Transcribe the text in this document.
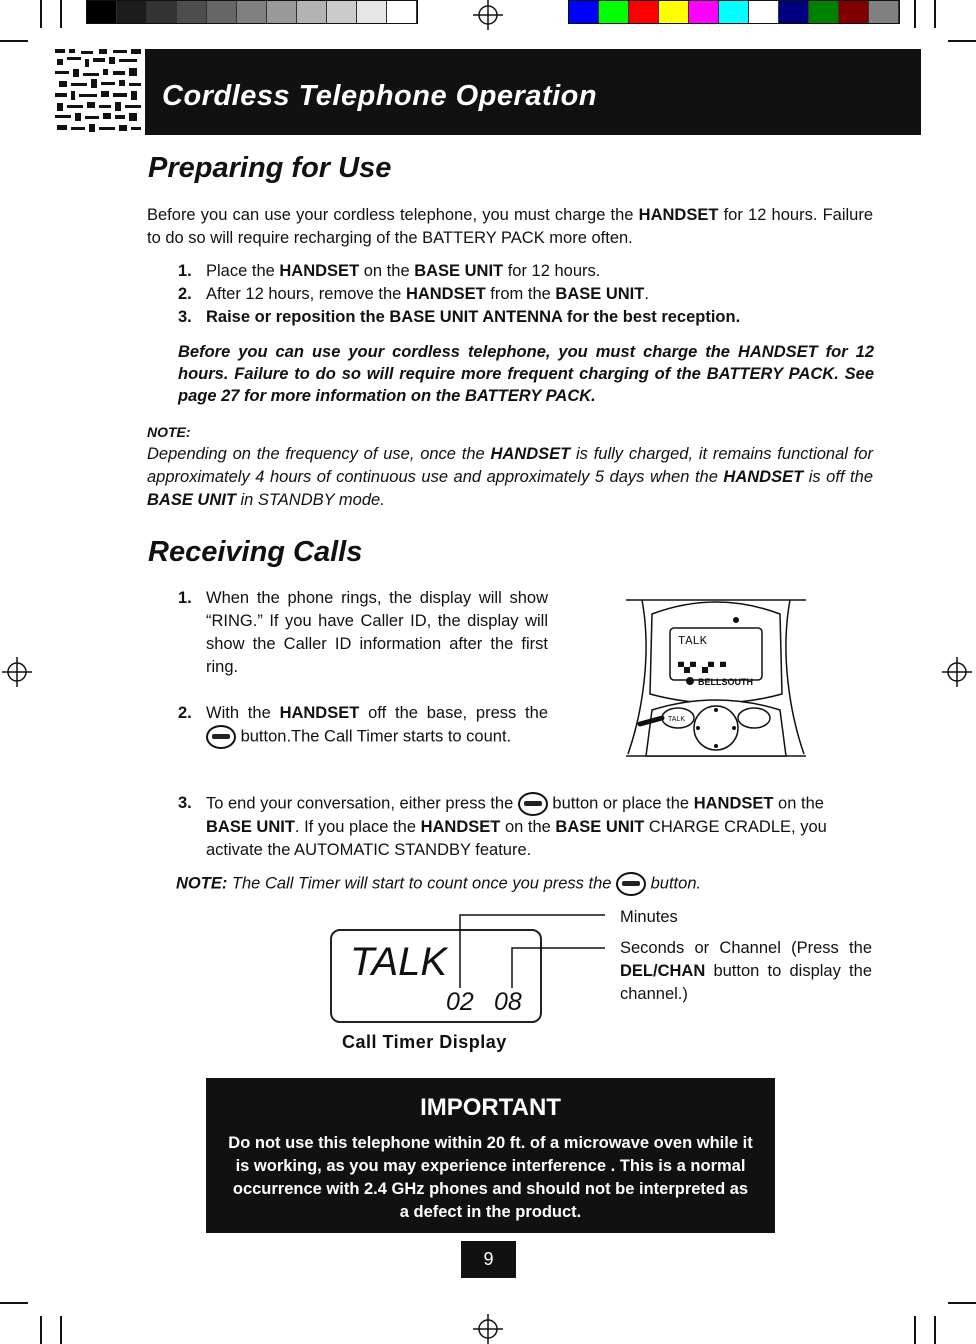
Cordless Telephone Operation
Preparing for Use

Before you can use your cordless telephone, you must charge the HANDSET for 12 hours. Failure to do so will require recharging of the BATTERY PACK more often.

1. Place the HANDSET on the BASE UNIT for 12 hours.
2. After 12 hours, remove the HANDSET from the BASE UNIT.
3. Raise or reposition the BASE UNIT ANTENNA for the best reception.
Before you can use your cordless telephone, you must charge the HANDSET for 12 hours. Failure to do so will require more frequent charging of the BATTERY PACK. See page 27 for more information on the BATTERY PACK.
NOTE:
Depending on the frequency of use, once the HANDSET is fully charged, it remains functional for approximately 4 hours of continuous use and approximately 5 days when the HANDSET is off the BASE UNIT in STANDBY mode.
Receiving Calls
1. When the phone rings, the display will show “RING.” If you have Caller ID, the display will show the Caller ID information after the first ring.
2. With the HANDSET off the base, press the  button.The Call Timer starts to count.
TALK
▀▄▀ ▄▀ ▀
BELLSOUTH
TALK
3. To end your conversation, either press the  button or place the HANDSET on the BASE UNIT. If you place the HANDSET on the BASE UNIT CHARGE CRADLE, you activate the AUTOMATIC STANDBY feature.
NOTE: The Call Timer will start to count once you press the  button.
TALK
02 08
Minutes
Seconds or Channel (Press the DEL/CHAN button to display the channel.)
Call Timer Display
IMPORTANT
Do not use this telephone within 20 ft. of a microwave oven while it is working, as you may experience interference . This is a normal occurrence with 2.4 GHz phones and should not be interpreted as a defect in the product.
9
